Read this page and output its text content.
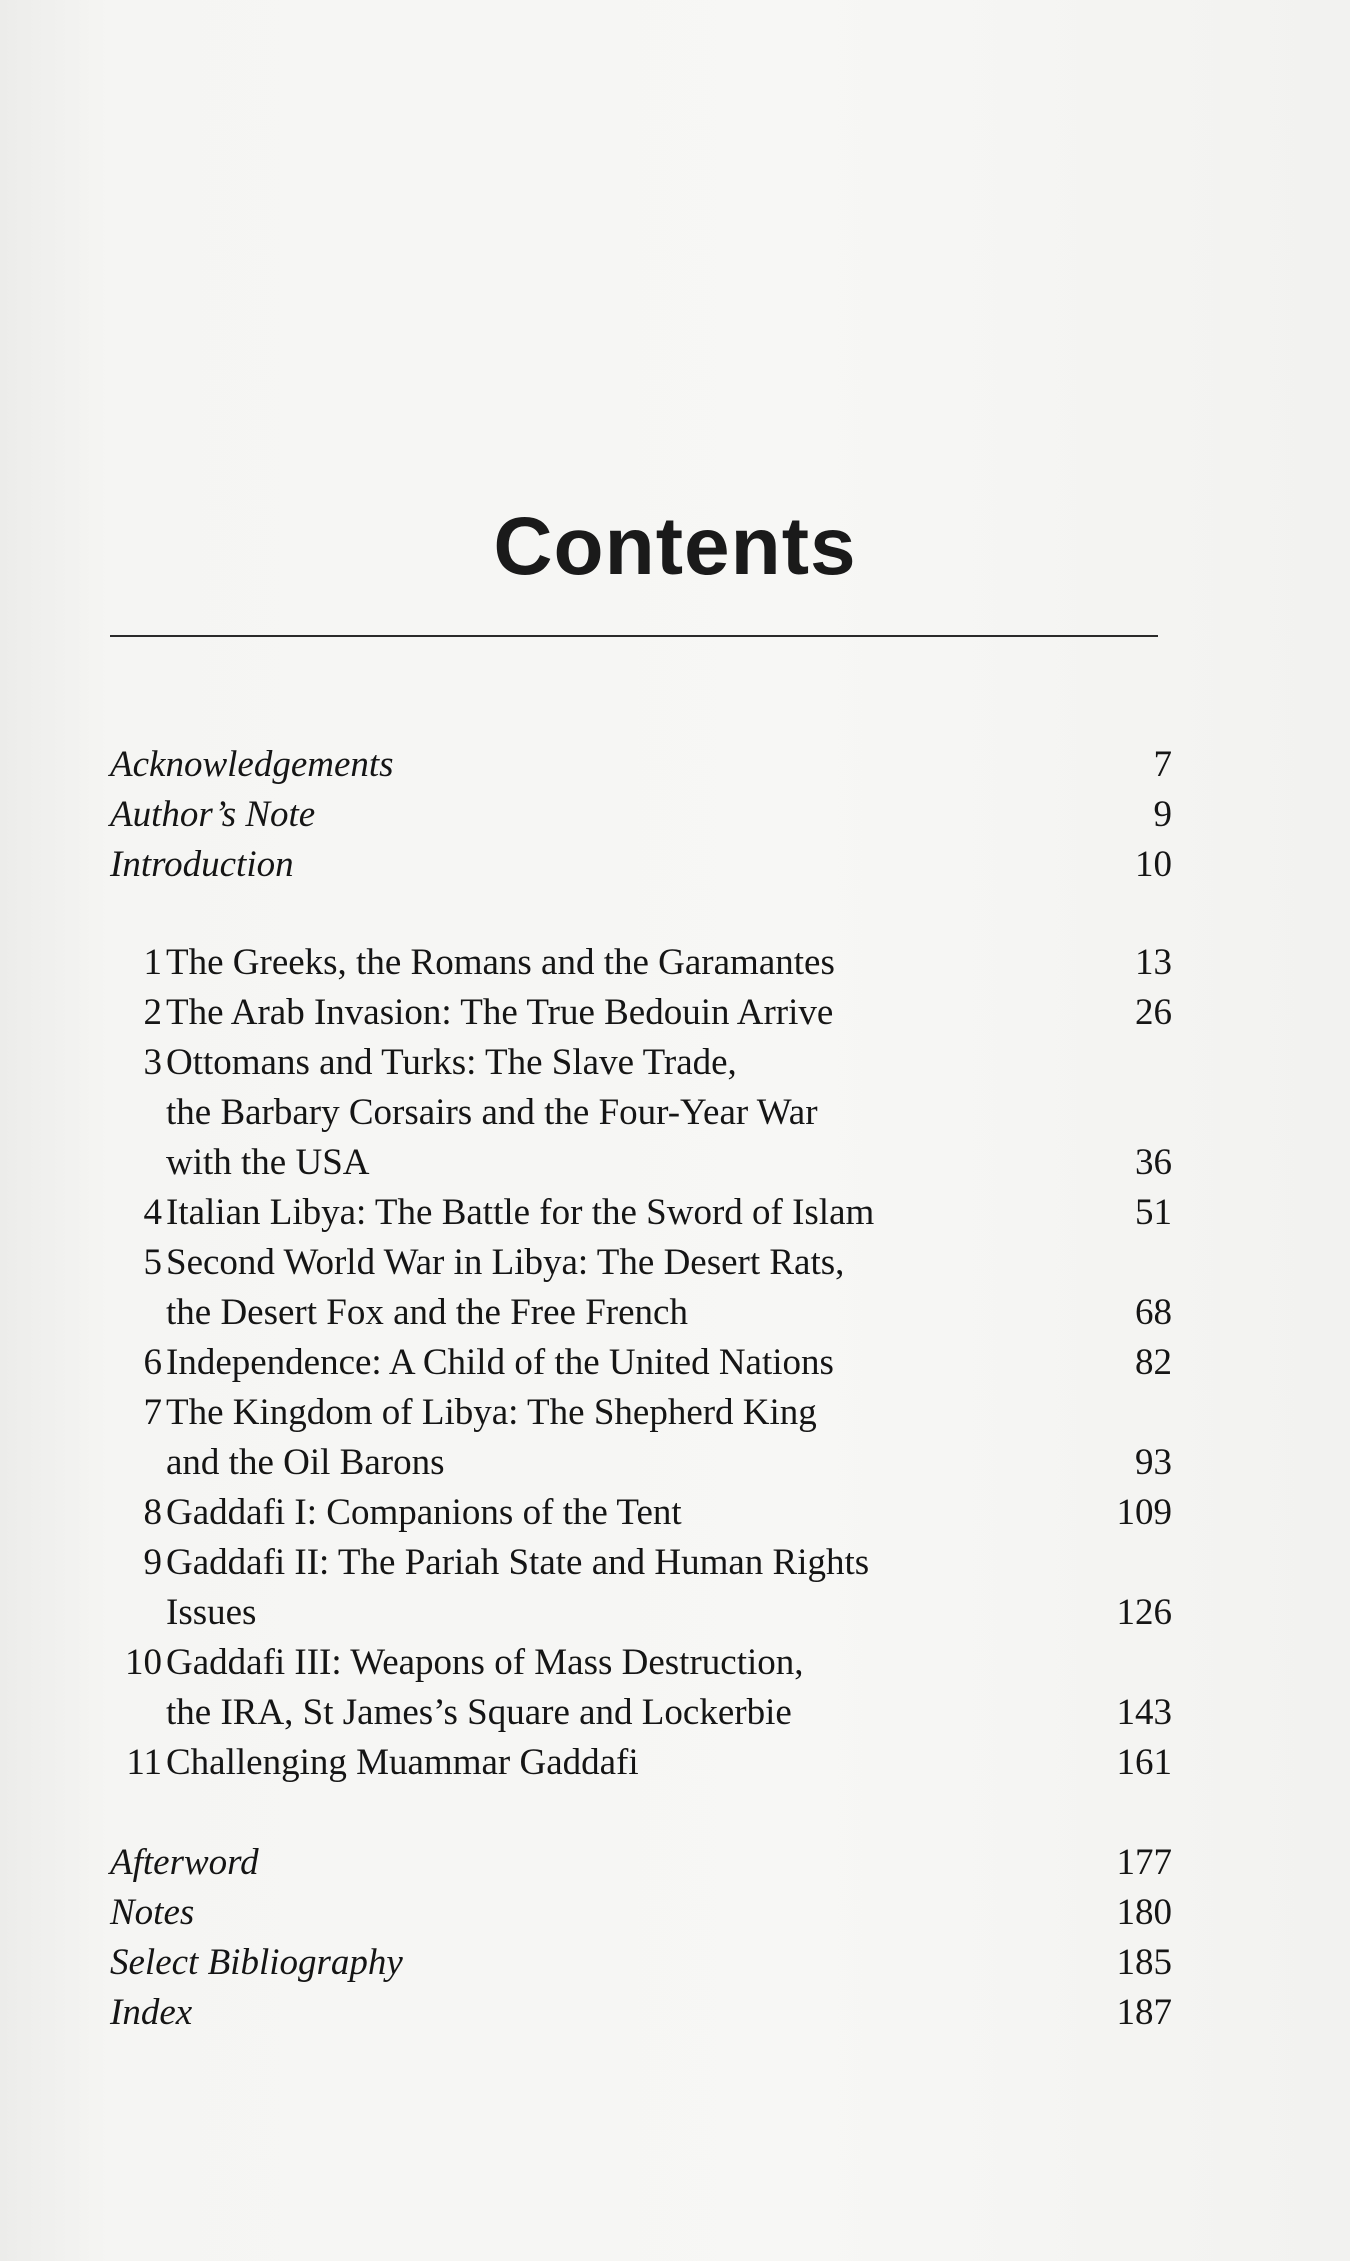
Contents
Acknowledgements	7
Author’s Note	9
Introduction	10
1 The Greeks, the Romans and the Garamantes	13
2 The Arab Invasion: The True Bedouin Arrive	26
3 Ottomans and Turks: The Slave Trade,
the Barbary Corsairs and the Four-Year War
with the USA	36
4 Italian Libya: The Battle for the Sword of Islam	51
5 Second World War in Libya: The Desert Rats,
the Desert Fox and the Free French	68
6 Independence: A Child of the United Nations	82
7 The Kingdom of Libya: The Shepherd King
and the Oil Barons	93
8 Gaddafi I: Companions of the Tent	109
9 Gaddafi II: The Pariah State and Human Rights
Issues	126
10 Gaddafi III: Weapons of Mass Destruction,
the IRA, St James’s Square and Lockerbie	143
11 Challenging Muammar Gaddafi	161
Afterword	177
Notes	180
Select Bibliography	185
Index	187
